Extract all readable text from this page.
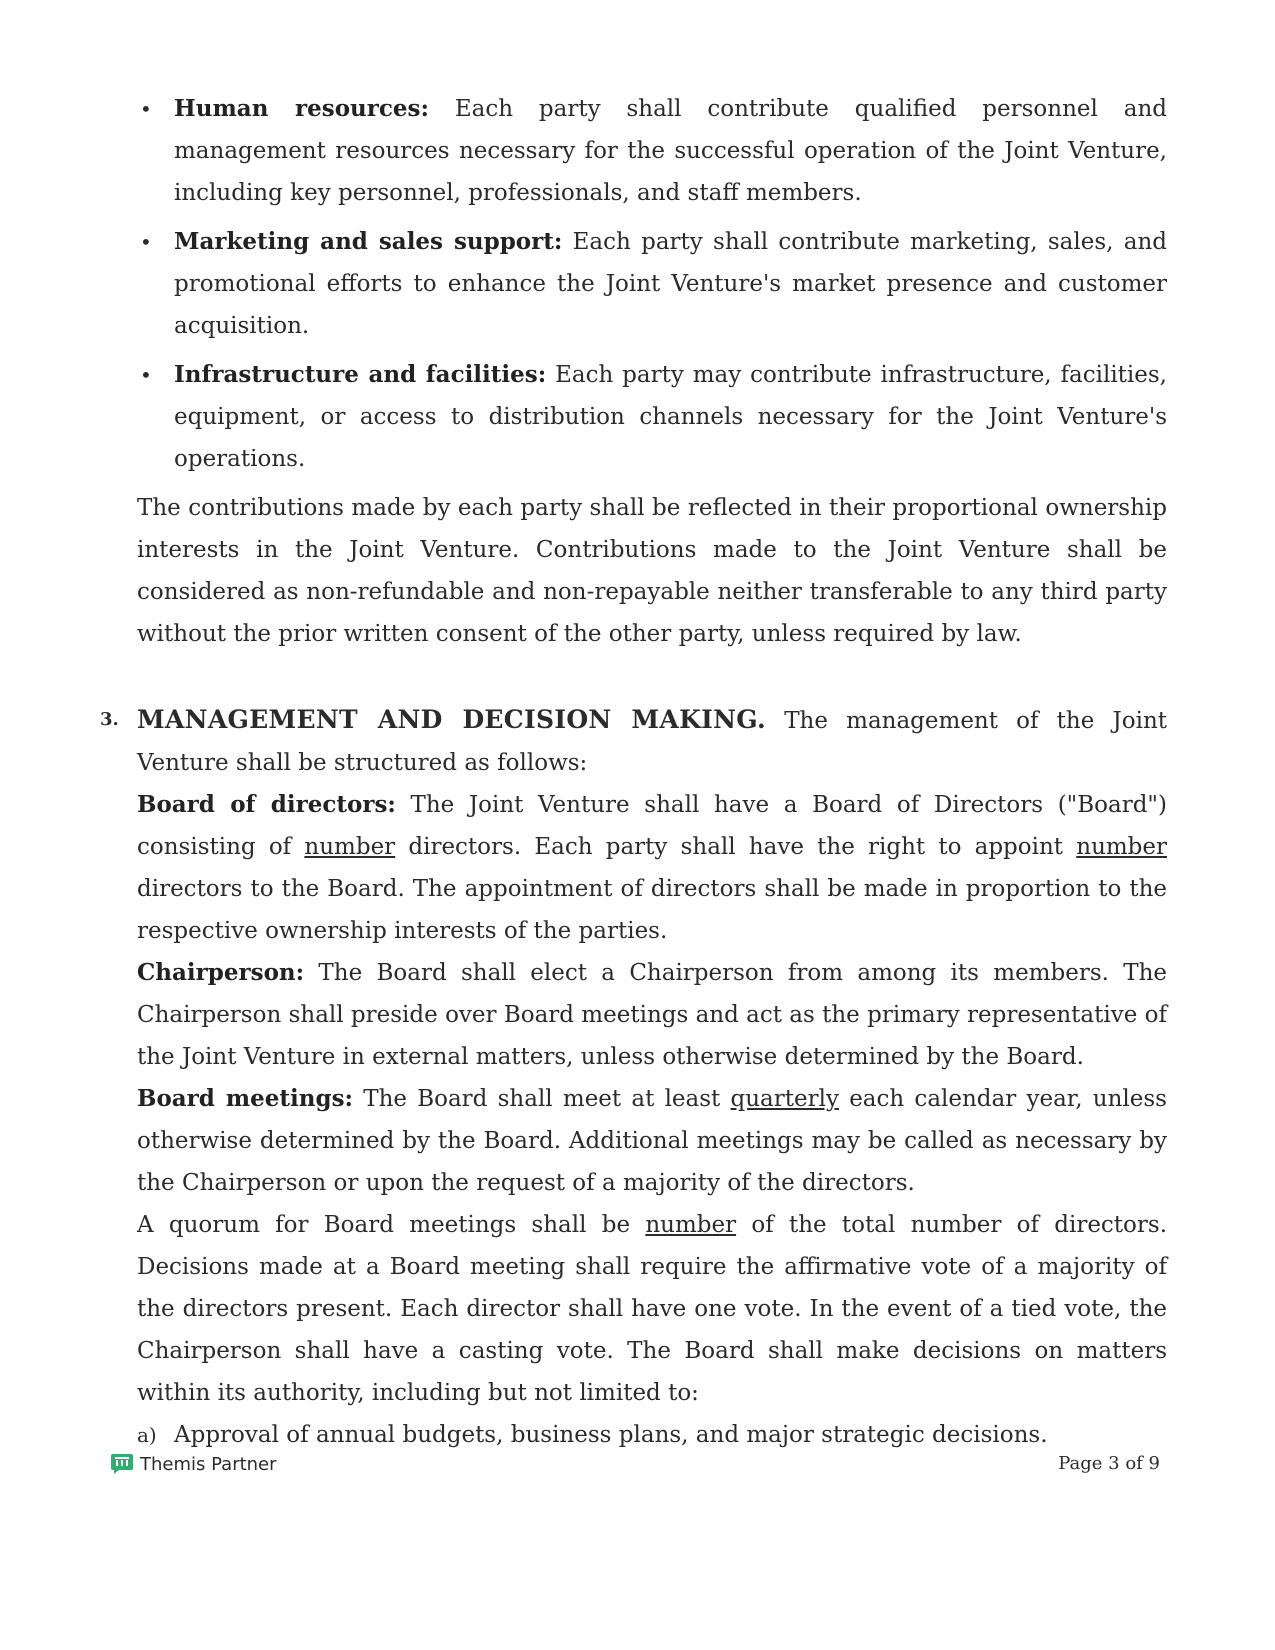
• Human resources: Each party shall contribute qualified personnel and management resources necessary for the successful operation of the Joint Venture, including key personnel, professionals, and staff members.
• Marketing and sales support: Each party shall contribute marketing, sales, and promotional efforts to enhance the Joint Venture's market presence and customer acquisition.
• Infrastructure and facilities: Each party may contribute infrastructure, facilities, equipment, or access to distribution channels necessary for the Joint Venture's operations.

The contributions made by each party shall be reflected in their proportional ownership interests in the Joint Venture. Contributions made to the Joint Venture shall be considered as non-refundable and non-repayable neither transferable to any third party without the prior written consent of the other party, unless required by law.

3. MANAGEMENT AND DECISION MAKING. The management of the Joint Venture shall be structured as follows:

Board of directors: The Joint Venture shall have a Board of Directors ("Board") consisting of number directors. Each party shall have the right to appoint number directors to the Board. The appointment of directors shall be made in proportion to the respective ownership interests of the parties.

Chairperson: The Board shall elect a Chairperson from among its members. The Chairperson shall preside over Board meetings and act as the primary representative of the Joint Venture in external matters, unless otherwise determined by the Board.

Board meetings: The Board shall meet at least quarterly each calendar year, unless otherwise determined by the Board. Additional meetings may be called as necessary by the Chairperson or upon the request of a majority of the directors.

A quorum for Board meetings shall be number of the total number of directors. Decisions made at a Board meeting shall require the affirmative vote of a majority of the directors present. Each director shall have one vote. In the event of a tied vote, the Chairperson shall have a casting vote. The Board shall make decisions on matters within its authority, including but not limited to:

a) Approval of annual budgets, business plans, and major strategic decisions.

Themis Partner	Page 3 of 9
